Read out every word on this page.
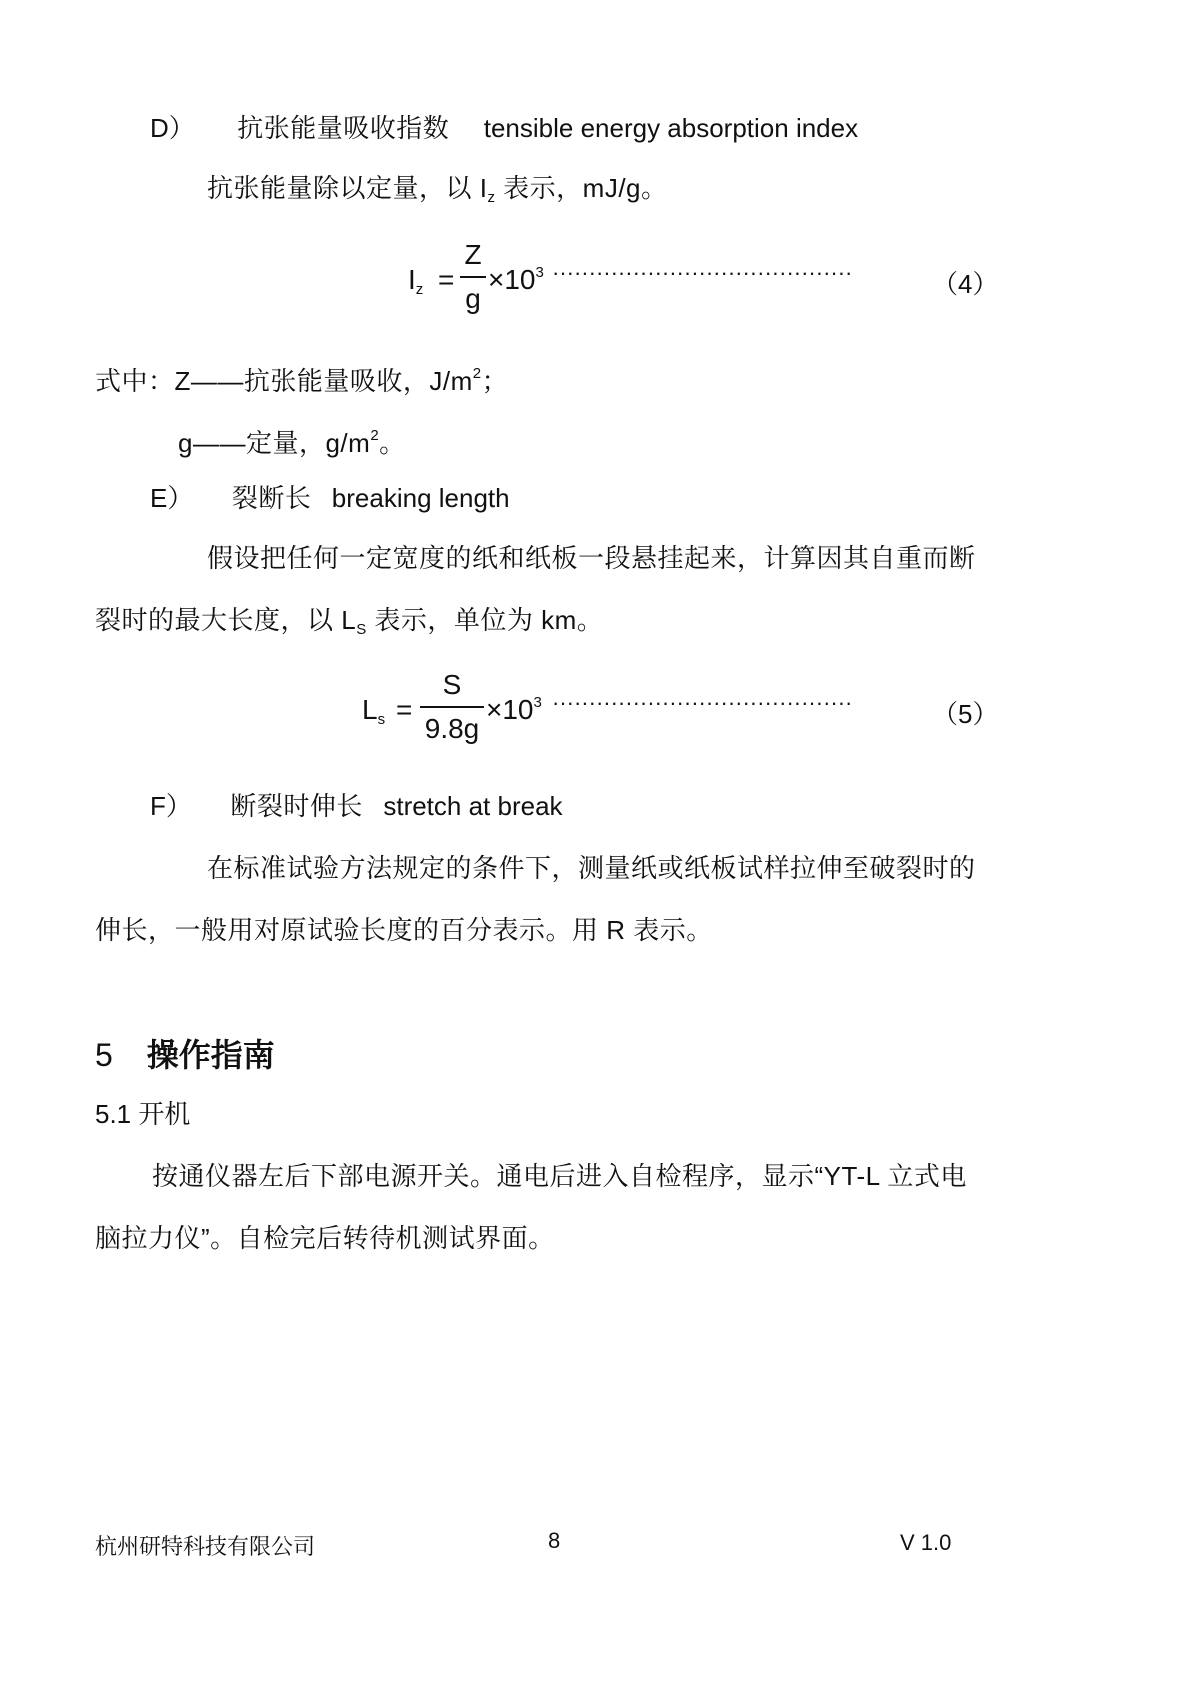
D） 抗张能量吸收指数 tensible energy absorption index
抗张能量除以定量，以 $I_z$ 表示，mJ/g。
$I_z$ =
Z
g
$\times 10^3$ ·········································	（4）
式中：Z——抗张能量吸收，$J/m^2$；
g——定量，$g/m^2$。
E） 裂断长 breaking length
假设把任何一定宽度的纸和纸板一段悬挂起来，计算因其自重而断
裂时的最大长度，以 $L_S$ 表示，单位为 km。
$L_s$ =
S
9.8g
$\times 10^3$ ·········································	（5）
F） 断裂时伸长 stretch at break
在标准试验方法规定的条件下，测量纸或纸板试样拉伸至破裂时的
伸长，一般用对原试验长度的百分表示。用 R 表示。
5 操作指南
5.1 开机
按通仪器左后下部电源开关。通电后进入自检程序，显示“YT-L 立式电
脑拉力仪”。自检完后转待机测试界面。
杭州研特科技有限公司	8	V 1.0
